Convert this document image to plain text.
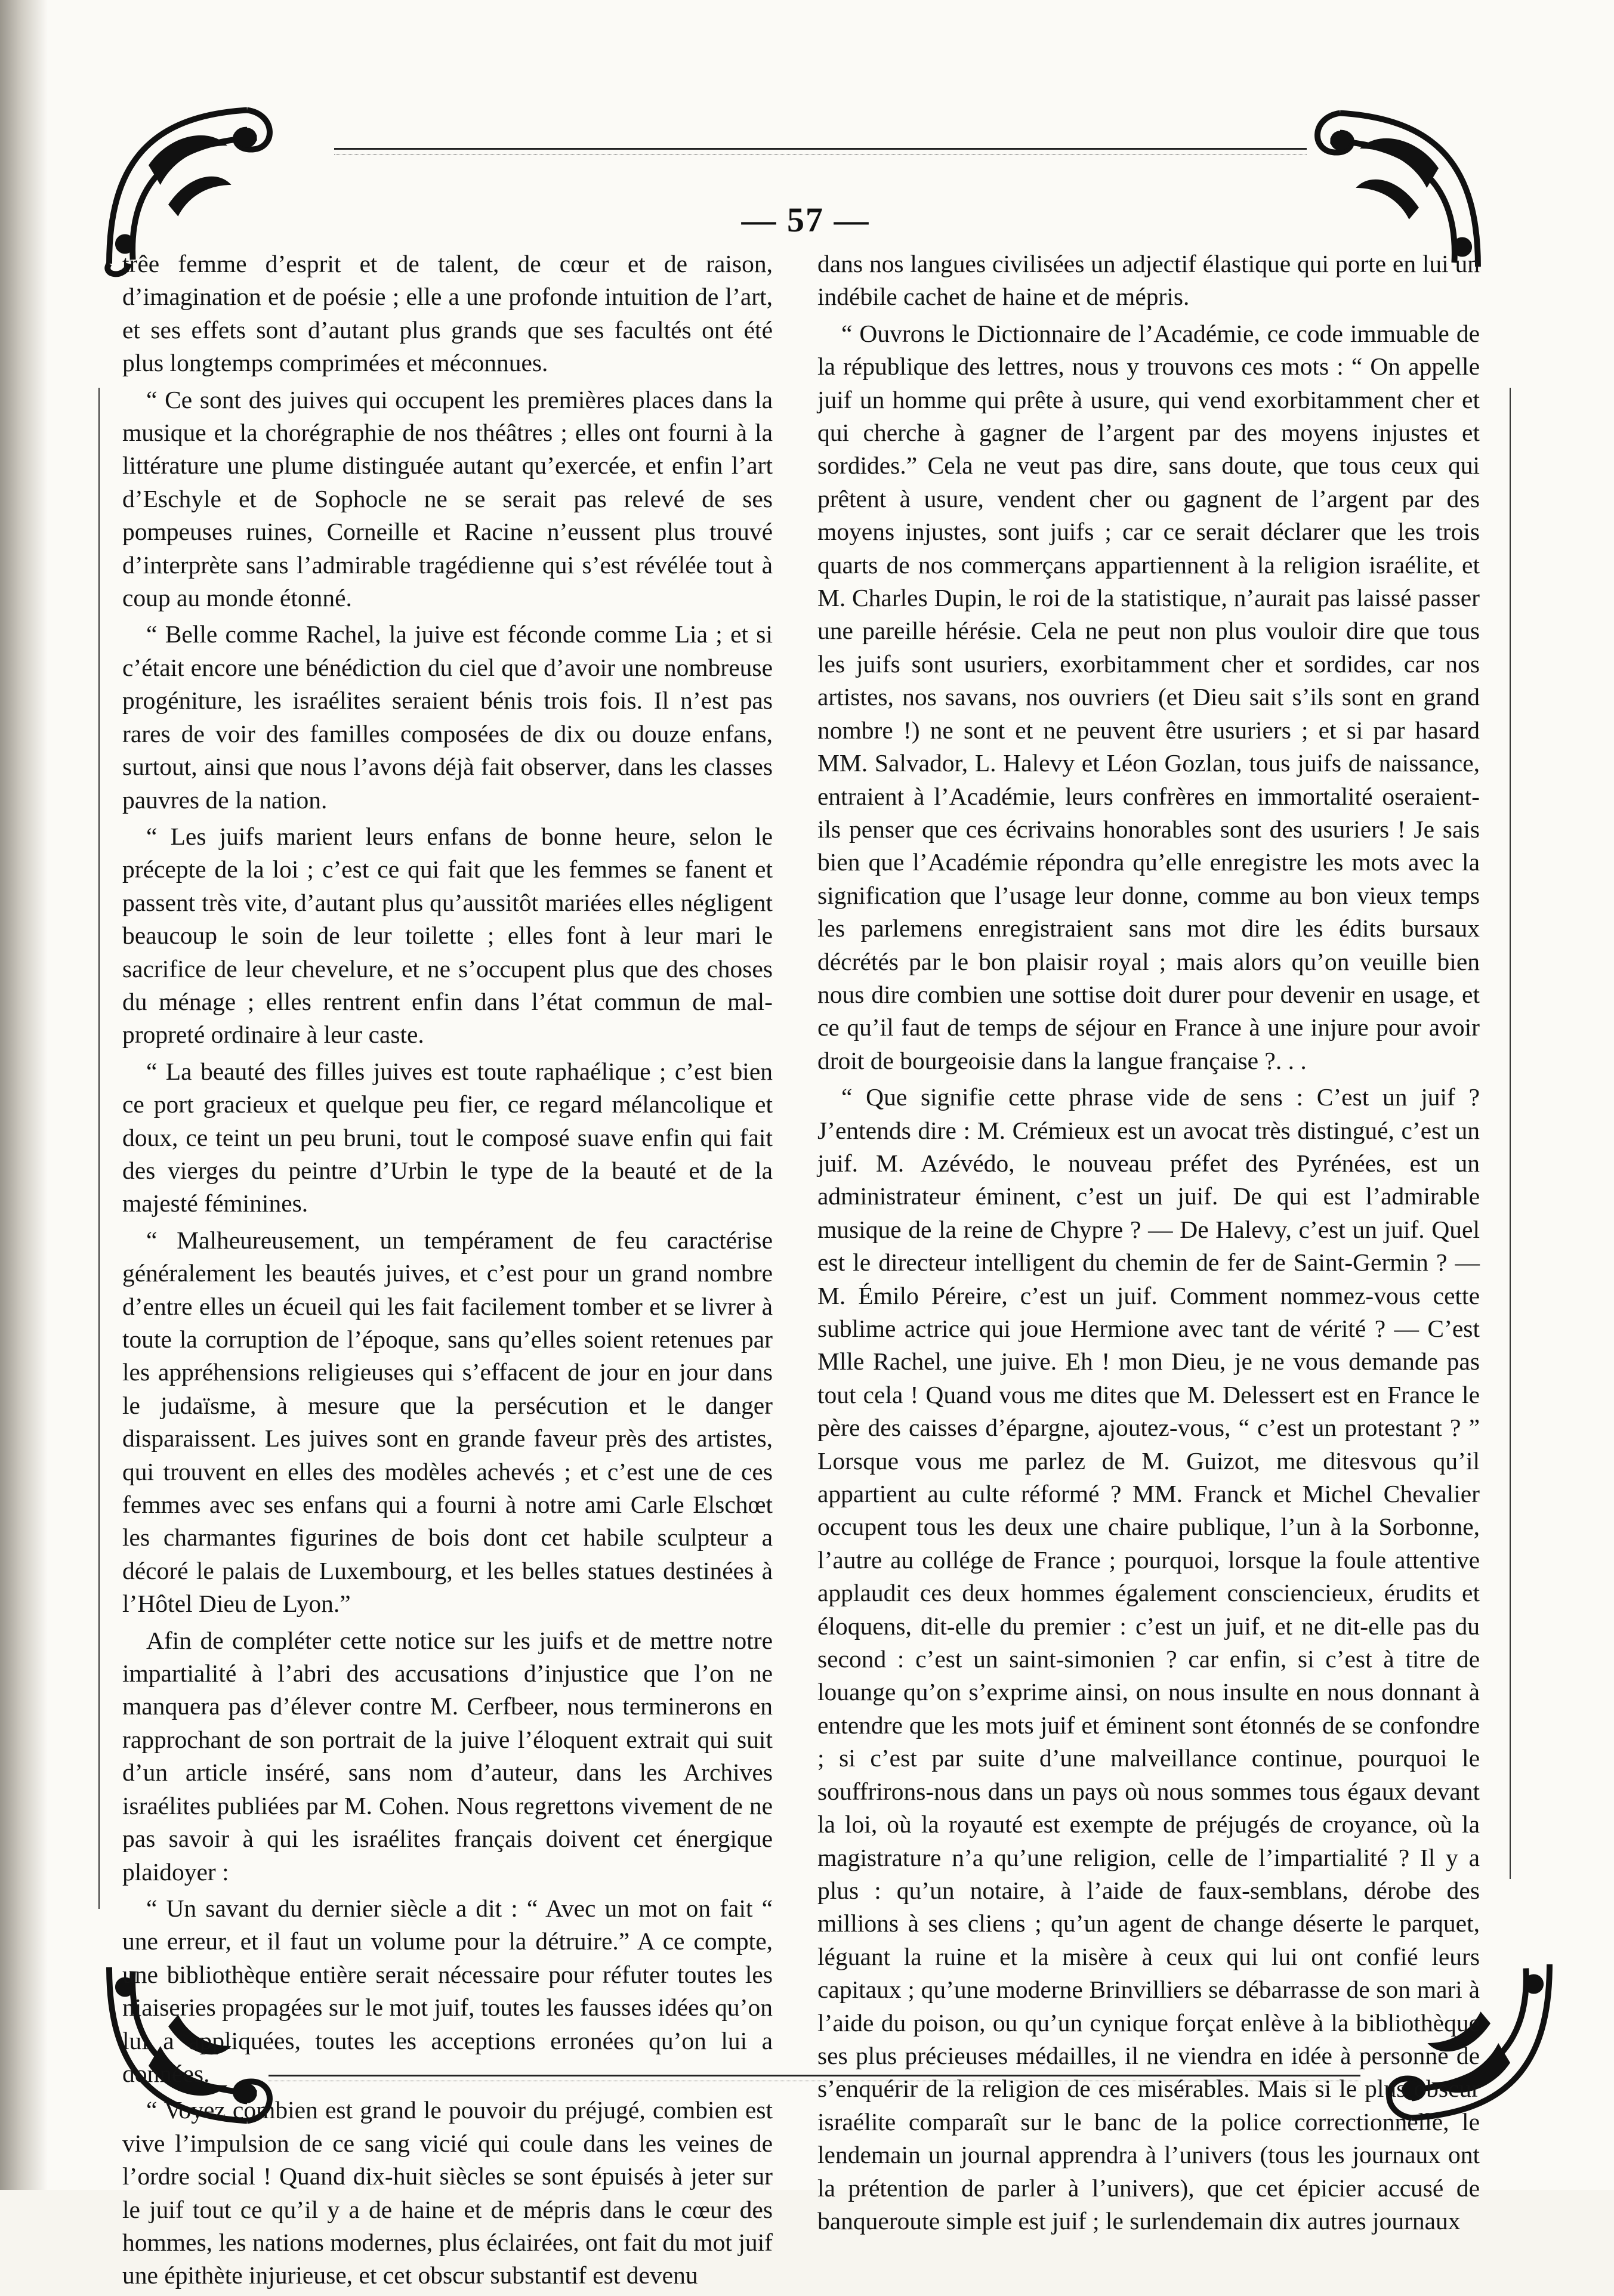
— 57 —

trêe femme d’esprit et de talent, de cœur et de raison, d’imagination et de poésie ; elle a une profonde intuition de l’art, et ses effets sont d’autant plus grands que ses facultés ont été plus longtemps comprimées et méconnues.

“ Ce sont des juives qui occupent les premières places dans la musique et la chorégraphie de nos théâtres ; elles ont fourni à la littérature une plume distinguée autant qu’exercée, et enfin l’art d’Eschyle et de Sophocle ne se serait pas relevé de ses pompeuses ruines, Corneille et Racine n’eussent plus trouvé d’interprète sans l’admirable tragédienne qui s’est révélée tout à coup au monde étonné.

“ Belle comme Rachel, la juive est féconde comme Lia ; et si c’était encore une bénédiction du ciel que d’avoir une nombreuse progéniture, les israélites seraient bénis trois fois. Il n’est pas rares de voir des familles composées de dix ou douze enfans, surtout, ainsi que nous l’avons déjà fait observer, dans les classes pauvres de la nation.

“ Les juifs marient leurs enfans de bonne heure, selon le précepte de la loi ; c’est ce qui fait que les femmes se fanent et passent très vite, d’autant plus qu’aussitôt mariées elles négligent beaucoup le soin de leur toilette ; elles font à leur mari le sacrifice de leur chevelure, et ne s’occupent plus que des choses du ménage ; elles rentrent enfin dans l’état commun de mal-propreté ordinaire à leur caste.

“ La beauté des filles juives est toute raphaélique ; c’est bien ce port gracieux et quelque peu fier, ce regard mélancolique et doux, ce teint un peu bruni, tout le composé suave enfin qui fait des vierges du peintre d’Urbin le type de la beauté et de la majesté féminines.

“ Malheureusement, un tempérament de feu caractérise généralement les beautés juives, et c’est pour un grand nombre d’entre elles un écueil qui les fait facilement tomber et se livrer à toute la corruption de l’époque, sans qu’elles soient retenues par les appréhensions religieuses qui s’effacent de jour en jour dans le judaïsme, à mesure que la persécution et le danger disparaissent. Les juives sont en grande faveur près des artistes, qui trouvent en elles des modèles achevés ; et c’est une de ces femmes avec ses enfans qui a fourni à notre ami Carle Elschœt les charmantes figurines de bois dont cet habile sculpteur a décoré le palais de Luxembourg, et les belles statues destinées à l’Hôtel Dieu de Lyon.”

Afin de compléter cette notice sur les juifs et de mettre notre impartialité à l’abri des accusations d’injustice que l’on ne manquera pas d’élever contre M. Cerfbeer, nous terminerons en rapprochant de son portrait de la juive l’éloquent extrait qui suit d’un article inséré, sans nom d’auteur, dans les Archives israélites publiées par M. Cohen. Nous regrettons vivement de ne pas savoir à qui les israélites français doivent cet énergique plaidoyer :

“ Un savant du dernier siècle a dit : “ Avec un mot on fait “ une erreur, et il faut un volume pour la détruire.” A ce compte, une bibliothèque entière serait nécessaire pour réfuter toutes les niaiseries propagées sur le mot juif, toutes les fausses idées qu’on lui a appliquées, toutes les acceptions erronées qu’on lui a données.

“ Voyez combien est grand le pouvoir du préjugé, combien est vive l’impulsion de ce sang vicié qui coule dans les veines de l’ordre social ! Quand dix-huit siècles se sont épuisés à jeter sur le juif tout ce qu’il y a de haine et de mépris dans le cœur des hommes, les nations modernes, plus éclairées, ont fait du mot juif une épithète injurieuse, et cet obscur substantif est devenu

dans nos langues civilisées un adjectif élastique qui porte en lui un indébile cachet de haine et de mépris.

“ Ouvrons le Dictionnaire de l’Académie, ce code immuable de la république des lettres, nous y trouvons ces mots : “ On appelle juif un homme qui prête à usure, qui vend exorbitamment cher et qui cherche à gagner de l’argent par des moyens injustes et sordides.” Cela ne veut pas dire, sans doute, que tous ceux qui prêtent à usure, vendent cher ou gagnent de l’argent par des moyens injustes, sont juifs ; car ce serait déclarer que les trois quarts de nos commerçans appartiennent à la religion israélite, et M. Charles Dupin, le roi de la statistique, n’aurait pas laissé passer une pareille hérésie. Cela ne peut non plus vouloir dire que tous les juifs sont usuriers, exorbitamment cher et sordides, car nos artistes, nos savans, nos ouvriers (et Dieu sait s’ils sont en grand nombre !) ne sont et ne peuvent être usuriers ; et si par hasard MM. Salvador, L. Halevy et Léon Gozlan, tous juifs de naissance, entraient à l’Académie, leurs confrères en immortalité oseraient-ils penser que ces écrivains honorables sont des usuriers ! Je sais bien que l’Académie répondra qu’elle enregistre les mots avec la signification que l’usage leur donne, comme au bon vieux temps les parlemens enregistraient sans mot dire les édits bursaux décrétés par le bon plaisir royal ; mais alors qu’on veuille bien nous dire combien une sottise doit durer pour devenir en usage, et ce qu’il faut de temps de séjour en France à une injure pour avoir droit de bourgeoisie dans la langue française ?. . .

“ Que signifie cette phrase vide de sens : C’est un juif ? J’entends dire : M. Crémieux est un avocat très distingué, c’est un juif. M. Azévédo, le nouveau préfet des Pyrénées, est un administrateur éminent, c’est un juif. De qui est l’admirable musique de la reine de Chypre ? — De Halevy, c’est un juif. Quel est le directeur intelligent du chemin de fer de Saint-Germin ? — M. Émilo Péreire, c’est un juif. Comment nommez-vous cette sublime actrice qui joue Hermione avec tant de vérité ? — C’est Mlle Rachel, une juive. Eh ! mon Dieu, je ne vous demande pas tout cela ! Quand vous me dites que M. Delessert est en France le père des caisses d’épargne, ajoutez-vous, “ c’est un protestant ? ” Lorsque vous me parlez de M. Guizot, me ditesvous qu’il appartient au culte réformé ? MM. Franck et Michel Chevalier occupent tous les deux une chaire publique, l’un à la Sorbonne, l’autre au collége de France ; pourquoi, lorsque la foule attentive applaudit ces deux hommes également consciencieux, érudits et éloquens, dit-elle du premier : c’est un juif, et ne dit-elle pas du second : c’est un saint-simonien ? car enfin, si c’est à titre de louange qu’on s’exprime ainsi, on nous insulte en nous donnant à entendre que les mots juif et éminent sont étonnés de se confondre ; si c’est par suite d’une malveillance continue, pourquoi le souffrirons-nous dans un pays où nous sommes tous égaux devant la loi, où la royauté est exempte de préjugés de croyance, où la magistrature n’a qu’une religion, celle de l’impartialité ? Il y a plus : qu’un notaire, à l’aide de faux-semblans, dérobe des millions à ses cliens ; qu’un agent de change déserte le parquet, léguant la ruine et la misère à ceux qui lui ont confié leurs capitaux ; qu’une moderne Brinvilliers se débarrasse de son mari à l’aide du poison, ou qu’un cynique forçat enlève à la bibliothèque ses plus précieuses médailles, il ne viendra en idée à personne de s’enquérir de la religion de ces misérables. Mais si le plus obscur israélite comparaît sur le banc de la police correctionnelle, le lendemain un journal apprendra à l’univers (tous les journaux ont la prétention de parler à l’univers), que cet épicier accusé de banqueroute simple est juif ; le surlendemain dix autres journaux
